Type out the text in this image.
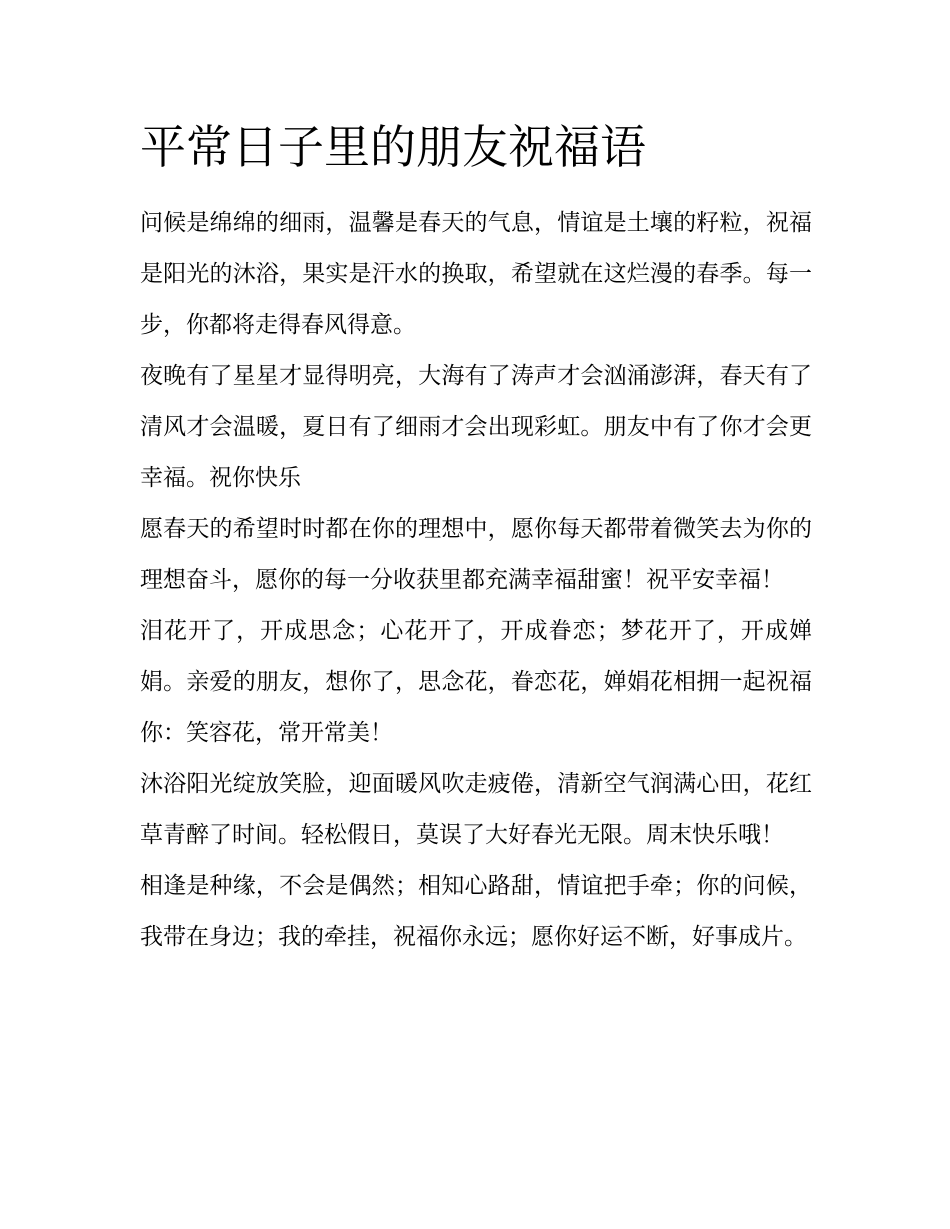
平常日子里的朋友祝福语

问候是绵绵的细雨，温馨是春天的气息，情谊是土壤的籽粒，祝福是阳光的沐浴，果实是汗水的换取，希望就在这烂漫的春季。每一步，你都将走得春风得意。

夜晚有了星星才显得明亮，大海有了涛声才会汹涌澎湃，春天有了清风才会温暖，夏日有了细雨才会出现彩虹。朋友中有了你才会更幸福。祝你快乐

愿春天的希望时时都在你的理想中，愿你每天都带着微笑去为你的理想奋斗，愿你的每一分收获里都充满幸福甜蜜！祝平安幸福！

泪花开了，开成思念；心花开了，开成眷恋；梦花开了，开成婵娟。亲爱的朋友，想你了，思念花，眷恋花，婵娟花相拥一起祝福你：笑容花，常开常美！

沐浴阳光绽放笑脸，迎面暖风吹走疲倦，清新空气润满心田，花红草青醉了时间。轻松假日，莫误了大好春光无限。周末快乐哦！

相逢是种缘，不会是偶然；相知心路甜，情谊把手牵；你的问候，我带在身边；我的牵挂，祝福你永远；愿你好运不断，好事成片。
